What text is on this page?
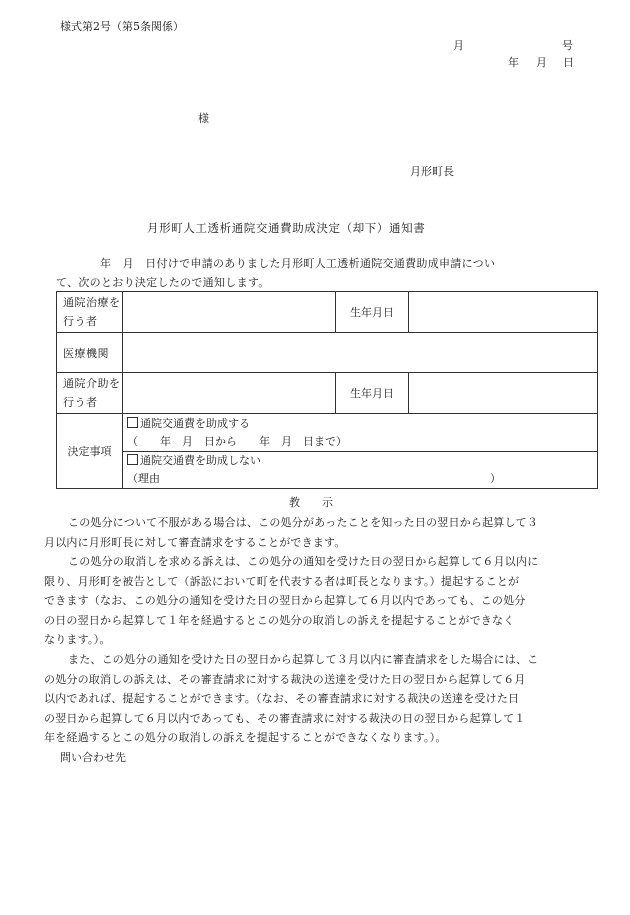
様式第2号（第5条関係）
月	号
年 月 日
様
月形町長
月形町人工透析通院交通費助成決定（却下）通知書

年　月　日付けで申請のありました月形町人工透析通院交通費助成申請につい
て、次のとおり決定したので通知します。

通院治療を
行う者		生年月日	
医療機関			

通院介助を
行う者		生年月日	
決定事項	通院交通費を助成する
（　　年　月　日から　　年　月　日まで）		

	通院交通費を助成しない
（理由 ）		
教　　示

この処分について不服がある場合は、この処分があったことを知った日の翌日から起算して３
月以内に月形町長に対して審査請求をすることができます。

この処分の取消しを求める訴えは、この処分の通知を受けた日の翌日から起算して６月以内に
限り、月形町を被告として（訴訟において町を代表する者は町長となります。）提起することが
できます（なお、この処分の通知を受けた日の翌日から起算して６月以内であっても、この処分
の日の翌日から起算して１年を経過するとこの処分の取消しの訴えを提起することができなく
なります。）。

また、この処分の通知を受けた日の翌日から起算して３月以内に審査請求をした場合には、こ
の処分の取消しの訴えは、その審査請求に対する裁決の送達を受けた日の翌日から起算して６月
以内であれば、提起することができます。（なお、その審査請求に対する裁決の送達を受けた日
の翌日から起算して６月以内であっても、その審査請求に対する裁決の日の翌日から起算して１
年を経過するとこの処分の取消しの訴えを提起することができなくなります。）。

問い合わせ先
